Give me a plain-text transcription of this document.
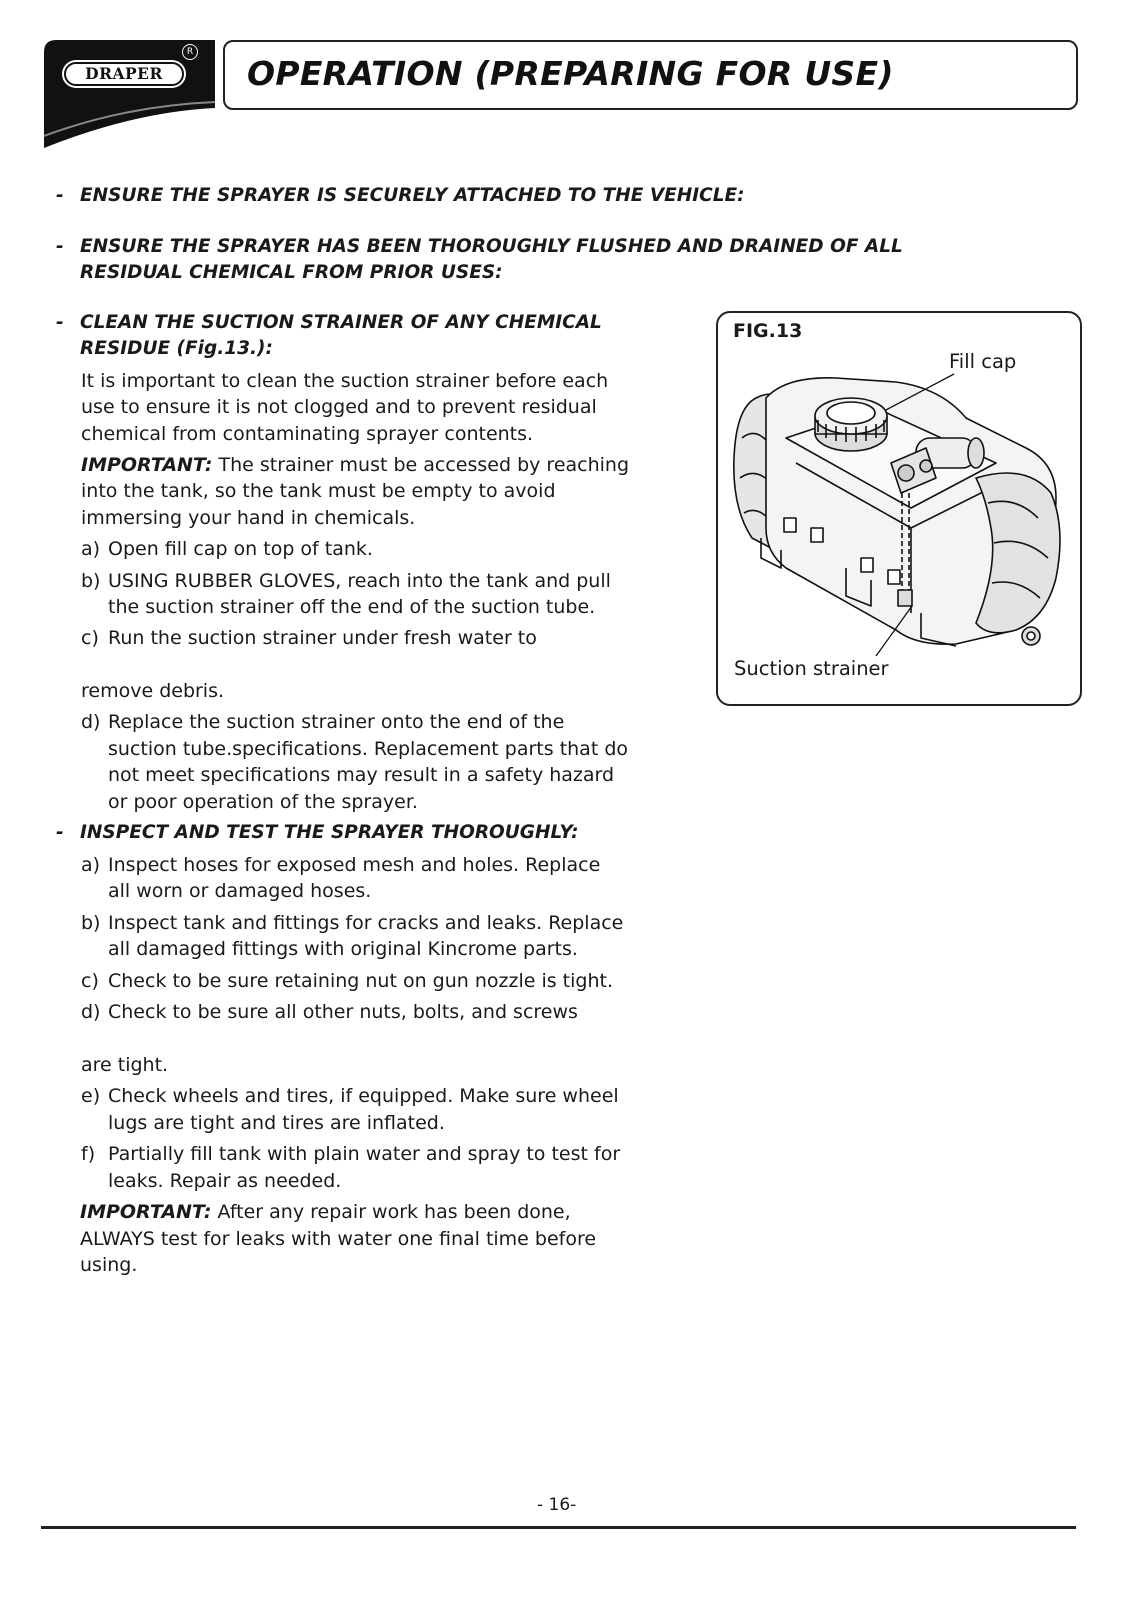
DRAPER
R
OPERATION (PREPARING FOR USE)
- ENSURE THE SPRAYER IS SECURELY ATTACHED TO THE VEHICLE:

- ENSURE THE SPRAYER HAS BEEN THOROUGHLY FLUSHED AND DRAINED OF ALL

RESIDUAL CHEMICAL FROM PRIOR USES:

- CLEAN THE SUCTION STRAINER OF ANY CHEMICAL

RESIDUE (Fig.13.):

It is important to clean the suction strainer before each

use to ensure it is not clogged and to prevent residual

chemical from contaminating sprayer contents.

IMPORTANT: The strainer must be accessed by reaching

into the tank, so the tank must be empty to avoid

immersing your hand in chemicals.

a) Open fill cap on top of tank.

b) USING RUBBER GLOVES, reach into the tank and pull

the suction strainer off the end of the suction tube.

c) Run the suction strainer under fresh water to

remove debris.

d) Replace the suction strainer onto the end of the

suction tube.specifications. Replacement parts that do

not meet specifications may result in a safety hazard

or poor operation of the sprayer.

- INSPECT AND TEST THE SPRAYER THOROUGHLY:

a) Inspect hoses for exposed mesh and holes. Replace

all worn or damaged hoses.

b) Inspect tank and fittings for cracks and leaks. Replace

all damaged fittings with original Kincrome parts.

c) Check to be sure retaining nut on gun nozzle is tight.

d) Check to be sure all other nuts, bolts, and screws

are tight.

e) Check wheels and tires, if equipped. Make sure wheel

lugs are tight and tires are inflated.

f) Partially fill tank with plain water and spray to test for

leaks. Repair as needed.

IMPORTANT: After any repair work has been done,

ALWAYS test for leaks with water one final time before

using.

FIG.13
Fill cap
Suction strainer
- 16-
